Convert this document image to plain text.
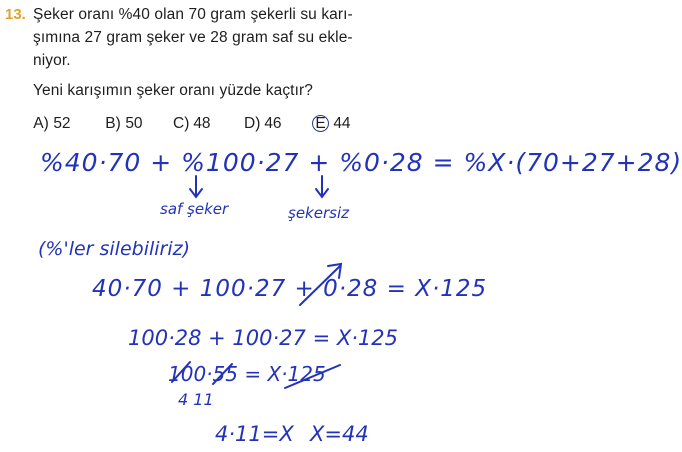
13. Şeker oranı %40 olan 70 gram şekerli su karı-
şımına 27 gram şeker ve 28 gram saf su ekle-
niyor.
Yeni karışımın şeker oranı yüzde kaçtır?
A) 52 B) 50 C) 48 D) 46 E 44
%40·70 + %100·27 + %0·28 = %X·(70+27+28)
saf şeker	şekersiz
(%'ler silebiliriz)
40·70 + 100·27 + 0·28 = X·125
100·28 + 100·27 = X·125
100·55 = X·125
4 11
4·11=X X=44
